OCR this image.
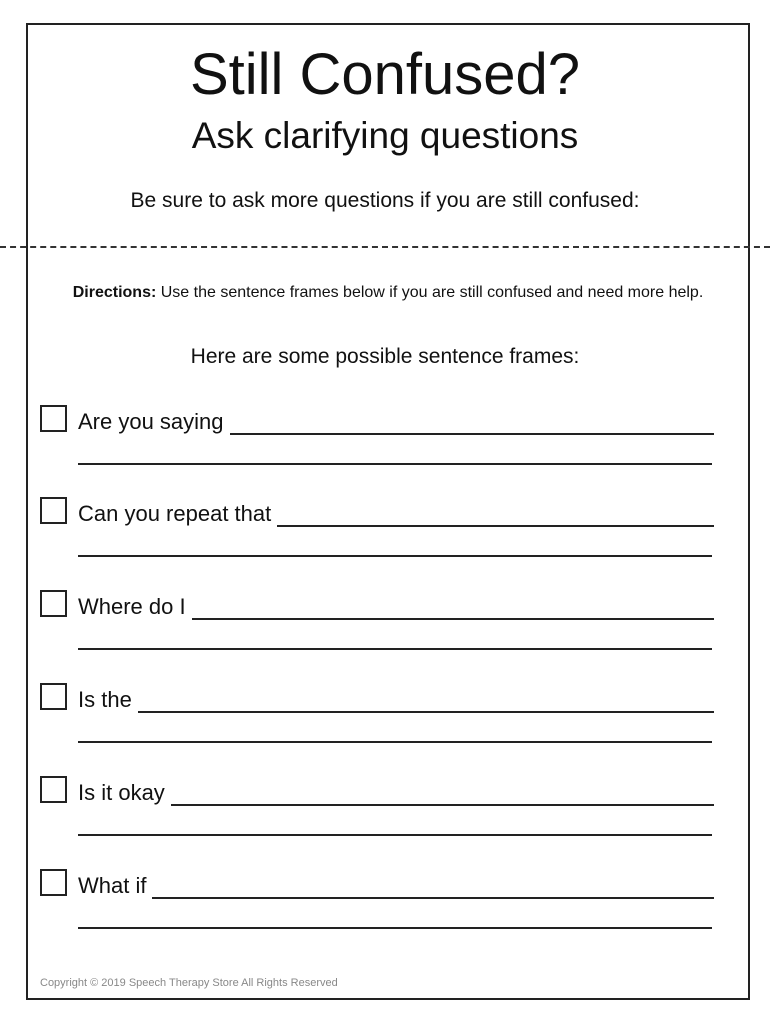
Still Confused?
Ask clarifying questions
Be sure to ask more questions if you are still confused:
Directions: Use the sentence frames below if you are still confused and need more help.
Here are some possible sentence frames:
Are you saying
Can you repeat that
Where do I
Is the
Is it okay
What if
Copyright © 2019 Speech Therapy Store All Rights Reserved
